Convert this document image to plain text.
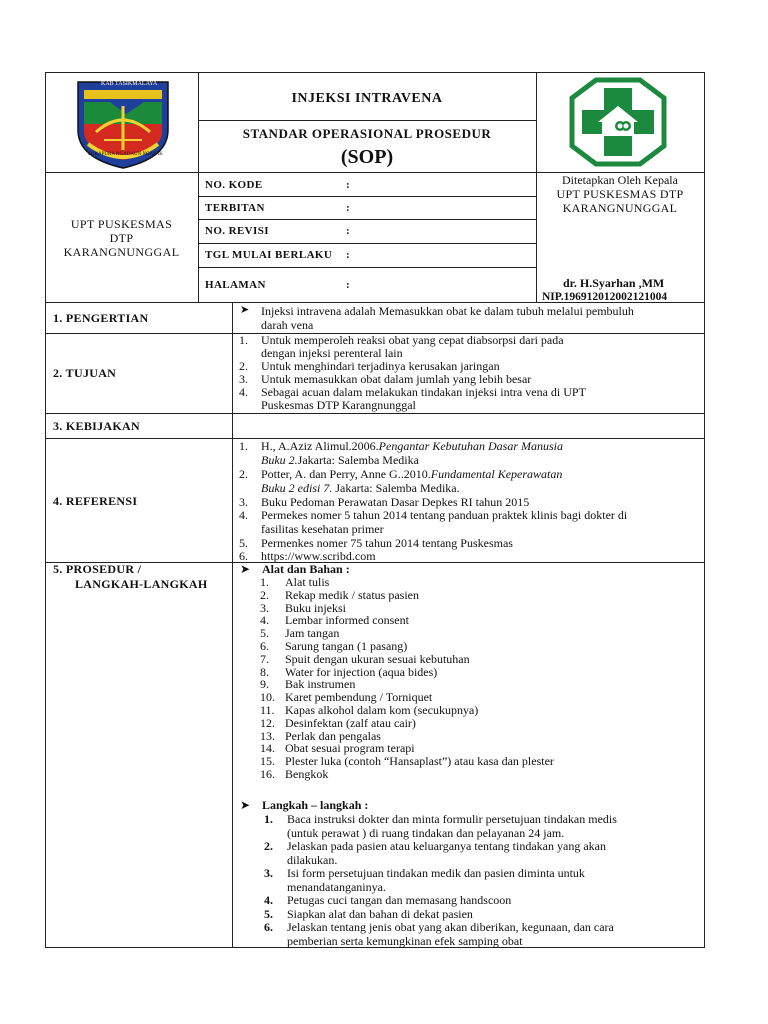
KAB TASIKMALAYA
SUKAPURA NGADAUN NGAPAK
INJEKSI INTRAVENA
STANDAR OPERASIONAL PROSEDUR
(SOP)
UPT PUSKESMAS
DTP
KARANGNUNGGAL
NO. KODE	:
TERBITAN	:
NO. REVISI	:
TGL MULAI BERLAKU :
HALAMAN	:
Ditetapkan Oleh Kepala
UPT PUSKESMAS DTP
KARANGNUNGGAL
dr. H.Syarhan ,MM
NIP.196912012002121004
1. PENGERTIAN
➤ Injeksi intravena adalah Memasukkan obat ke dalam tubuh melalui pembuluh
darah vena
2. TUJUAN
1. Untuk memperoleh reaksi obat yang cepat diabsorpsi dari pada
dengan injeksi perenteral lain
2. Untuk menghindari terjadinya kerusakan jaringan
3. Untuk memasukkan obat dalam jumlah yang lebih besar
4. Sebagai acuan dalam melakukan tindakan injeksi intra vena di UPT
Puskesmas DTP Karangnunggal
3. KEBIJAKAN
4. REFERENSI
1. H., A.Aziz Alimul.2006.Pengantar Kebutuhan Dasar Manusia
Buku 2.Jakarta: Salemba Medika
2. Potter, A. dan Perry, Anne G..2010.Fundamental Keperawatan
Buku 2 edisi 7. Jakarta: Salemba Medika.
3. Buku Pedoman Perawatan Dasar Depkes RI tahun 2015
4. Permekes nomer 5 tahun 2014 tentang panduan praktek klinis bagi dokter di
fasilitas kesehatan primer
5. Permenkes nomer 75 tahun 2014 tentang Puskesmas
6. https://www.scribd.com
5. PROSEDUR /
LANGKAH-LANGKAH
➤ Alat dan Bahan :
1. Alat tulis
2. Rekap medik / status pasien
3. Buku injeksi
4. Lembar informed consent
5. Jam tangan
6. Sarung tangan (1 pasang)
7. Spuit dengan ukuran sesuai kebutuhan
8. Water for injection (aqua bides)
9. Bak instrumen
10. Karet pembendung / Torniquet
11. Kapas alkohol dalam kom (secukupnya)
12. Desinfektan (zalf atau cair)
13. Perlak dan pengalas
14. Obat sesuai program terapi
15. Plester luka (contoh “Hansaplast”) atau kasa dan plester
16. Bengkok
➤ Langkah – langkah :
1. Baca instruksi dokter dan minta formulir persetujuan tindakan medis
(untuk perawat ) di ruang tindakan dan pelayanan 24 jam.
2. Jelaskan pada pasien atau keluarganya tentang tindakan yang akan
dilakukan.
3. Isi form persetujuan tindakan medik dan pasien diminta untuk
menandatanganinya.
4. Petugas cuci tangan dan memasang handscoon
5. Siapkan alat dan bahan di dekat pasien
6. Jelaskan tentang jenis obat yang akan diberikan, kegunaan, dan cara
pemberian serta kemungkinan efek samping obat
